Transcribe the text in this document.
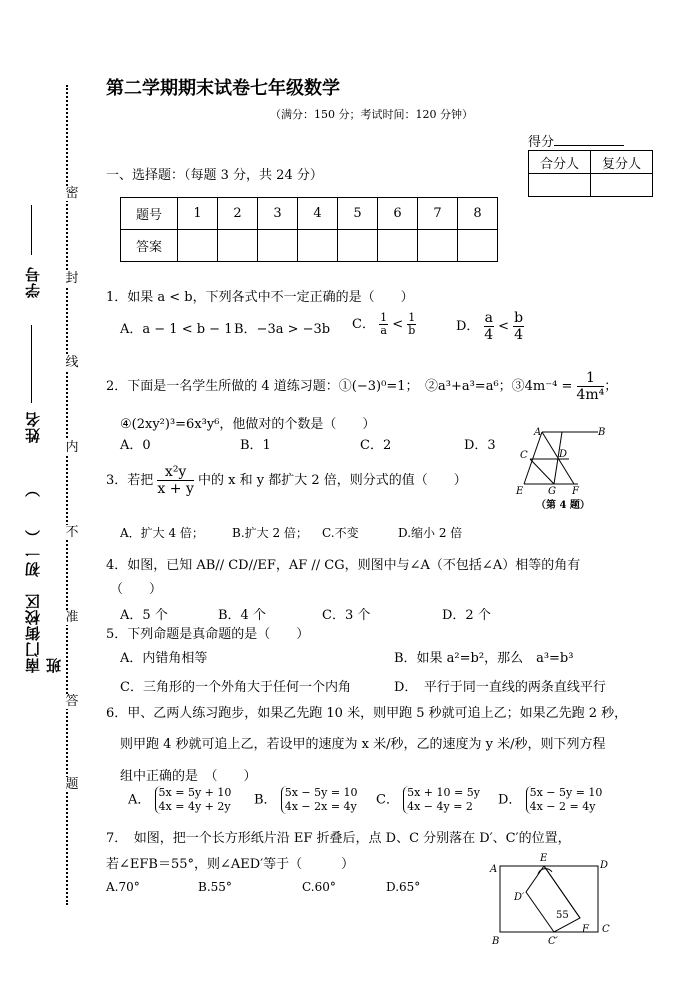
密
封
线
内
不
准
答
题
学号
姓名
南门街校区　初一（　　）班
第二学期期末试卷七年级数学
（满分：150 分；考试时间：120 分钟）
得分
合分人	复分人

一、选择题：（每题 3 分，共 24 分）
题号	1	2	3	4	5	6	7	8
答案								
1．如果 a < b，下列各式中不一定正确的是（　　）
A．a − 1 < b − 1 B．−3a > −3b C． $\frac{1}{a} < \frac{1}{b}$	D． $\frac{a}{4} < \frac{b}{4}$
2．下面是一名学生所做的 4 道练习题：①(−3)⁰=1；　②a³+a³=a⁶；③4m⁻⁴ = $\frac{1}{\text{4m⁴}}$ ；
④(2xy²)³=6x³y⁶，他做对的个数是（　　）
A．0	B．1	C．2	D．3
A	B
C	D
E G F
（第 4 题）
3．若把 $\frac{\text{x²y}}{x + y}$ 中的 x 和 y 都扩大 2 倍，则分式的值（　　）
A．扩大 4 倍； B.扩大 2 倍； C.不变	D.缩小 2 倍
4．如图，已知 AB// CD//EF，AF // CG，则图中与∠A（不包括∠A）相等的角有
（　　）
A．5 个	B．4 个	C．3 个	D．2 个
5．下列命题是真命题的是（　　）
A．内错角相等	B．如果 a²=b²，那么　a³=b³
C．三角形的一个外角大于任何一个内角	D．　平行于同一直线的两条直线平行
6．甲、乙两人练习跑步，如果乙先跑 10 米，则甲跑 5 秒就可追上乙；如果乙先跑 2 秒，
则甲跑 4 秒就可追上乙，若设甲的速度为 x 米/秒，乙的速度为 y 米/秒，则下列方程
组中正确的是　（　　）
A． 5x = 5y + 10
4x = 4y + 2y B． 5x − 5y = 10
4x − 2x = 4y C． 5x + 10 = 5y
4x − 4y = 2	D． 5x − 5y = 10
4x − 2 = 4y
7．　如图，把一个长方形纸片沿 EF 折叠后，点 D、C 分别落在 D′、C′的位置，
若∠EFB＝55°，则∠AED′等于（　　　）
A.70°	B.55°	C.60°	D.65°
A
E
D
D′
55
B	C′
F C
